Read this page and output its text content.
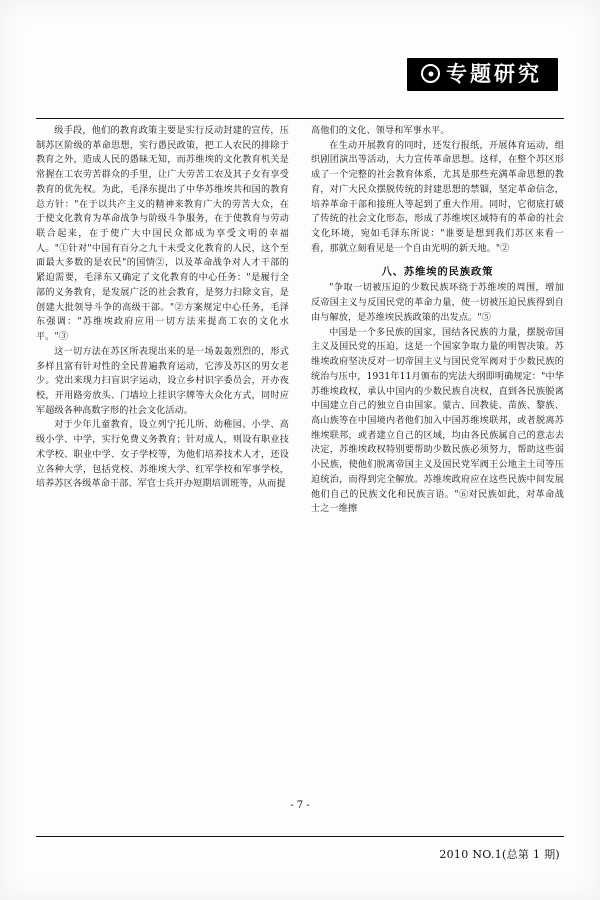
专题研究

级手段，他们的教育政策主要是实行反动封建的宣传，压制苏区阶级的革命思想，实行愚民政策，把工人农民的排除于教育之外，造成人民的愚昧无知，而苏维埃的文化教育机关是常握在工农劳苦群众的手里，让广大劳苦工农及其子女有享受教育的优先权。为此，毛泽东提出了中华苏维埃共和国的教育总方针："在于以共产主义的精神来教育广大的劳苦大众，在于使文化教育为革命战争与阶级斗争服务，在于使教育与劳动联合起来，在于使广大中国民众都成为享受文明的幸福人。"①针对"中国有百分之九十未受文化教育的人民，这个至面最大多数的是农民"的国情②，以及革命战争对人才干部的紧迫需要，毛泽东又确定了文化教育的中心任务："是履行全部的义务教育，是发展广泛的社会教育，是努力扫除文盲，是创建大批领导斗争的高级干部。"②方案规定中心任务，毛泽东强调："苏维埃政府应用一切方法来提高工农的文化水平。"③

这一切方法在苏区所表现出来的是一场轰轰烈烈的，形式多样且富有针对性的全民普遍教育运动，它涉及苏区的男女老少。党出来现力扫盲识字运动，设立乡村识字委员会，开办夜校，开用路旁放头、门墙垃上挂识字牌等大众化方式，同时应军超级各种高数字形的社会文化活动。

对于少年儿童教育，设立列宁托儿所、幼稚园、小学、高级小学、中学，实行免费义务教育；针对成人，则设有职业技术学校、职业中学、女子学校等，为他们培养技术人才，还设立各种大学，包括党校、苏维埃大学、红军学校和军事学校，培养苏区各级革命干部、军官士兵开办短期培训班等，从而提

高他们的文化、领导和军事水平。

在生动开展教育的同时，还发行报纸，开展体育运动，组织剧团演出等活动，大力宣传革命思想。这样，在整个苏区形成了一个完整的社会教育体系，尤其是那些充满革命思想的教育，对广大民众摆脱传统的封建思想的禁锢，坚定革命信念，培养革命干部和接班人等起到了重大作用。同时，它彻底打破了传统的社会文化形态，形成了苏维埃区域特有的革命的社会文化环境，宛如毛泽东所说："谁要是想到我们苏区来看一看，那就立刻看见是一个自由光明的新天地。"②

八、苏维埃的民族政策

"争取一切被压迫的少数民族环绕于苏维埃的周围，增加反帝国主义与反国民党的革命力量，使一切被压迫民族得到自由与解放，是苏维埃民族政策的出发点。"⑤

中国是一个多民族的国家，国结各民族的力量，摆脱帝国主义及国民党的压迫，这是一个国家争取力量的明智决策。苏维埃政府坚决反对一切帝国主义与国民党军阀对于少数民族的统治与压中，1931年11月颁布的宪法大纲即明确规定："中华苏维埃政权，承认中国内的少数民族自决权，直到各民族脱离中国建立自己的独立自由国家。蒙古、回教徒、苗族、黎族、高山族等在中国境内者他们加入中国苏维埃联邦，或者脱离苏维埃联邦，或者建立自己的区域，均由各民族属自己的意志去决定，苏维埃政权特别要帮助少数民族必须努力，帮助这些弱小民族，使他们脱离帝国主义及国民党军阀王公地主土司等压迫统治，而得到完全解放。苏维埃政府应在这些民族中间发展他们自己的民族文化和民族言语。"⑥对民族如此，对革命战士之一维擦

- 7 -
2010 NO.1(总第 1 期)
